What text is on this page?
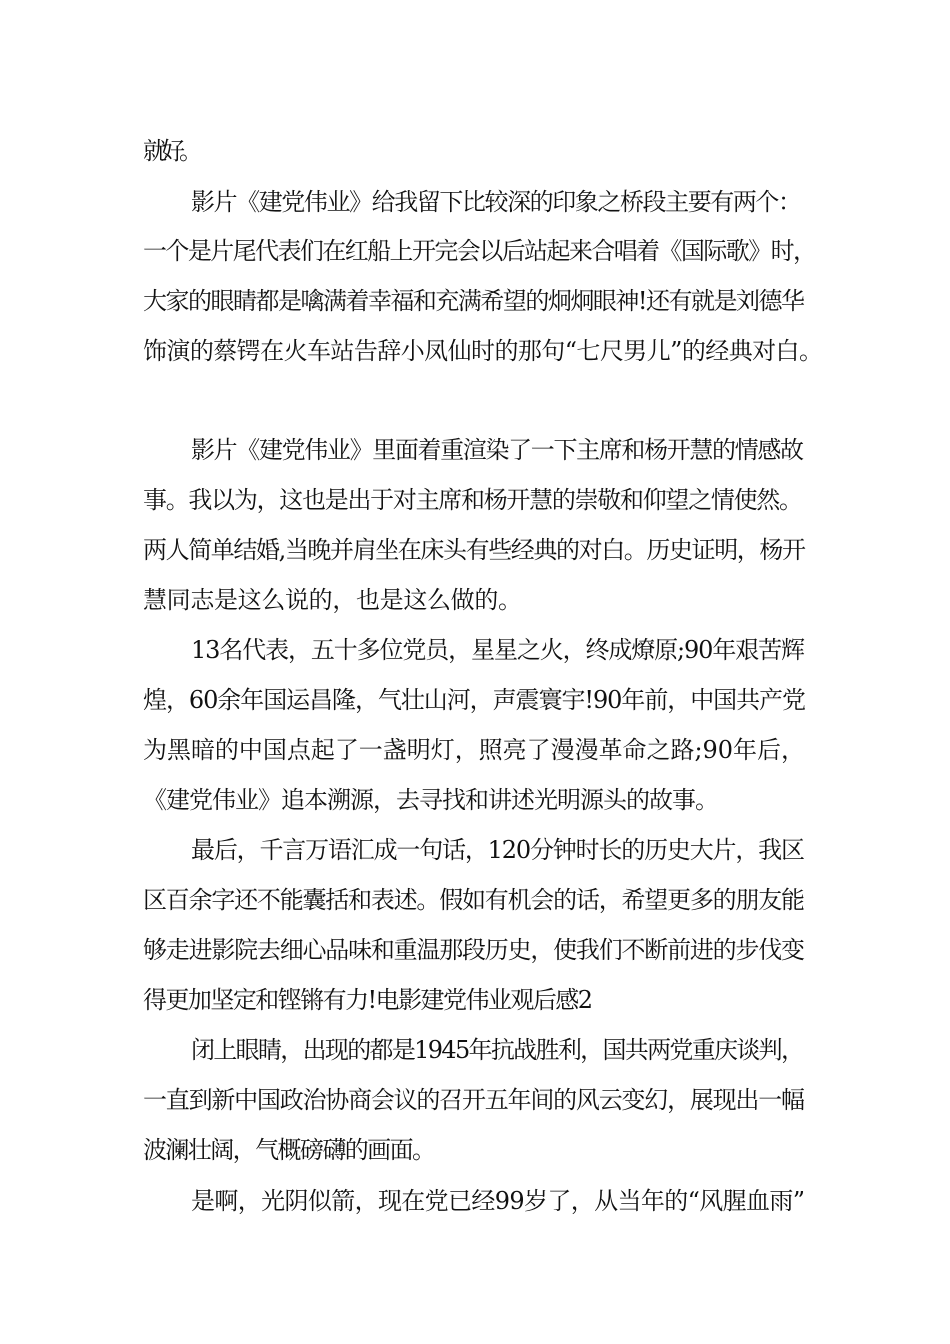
就好。
影片《建党伟业》给我留下比较深的印象之桥段主要有两个：
一个是片尾代表们在红船上开完会以后站起来合唱着《国际歌》时，
大家的眼睛都是噙满着幸福和充满希望的炯炯眼神!还有就是刘德华
饰演的蔡锷在火车站告辞小凤仙时的那句“七尺男儿”的经典对白。
影片《建党伟业》里面着重渲染了一下主席和杨开慧的情感故
事。我以为，这也是出于对主席和杨开慧的崇敬和仰望之情使然。
两人简单结婚,当晚并肩坐在床头有些经典的对白。历史证明，杨开
慧同志是这么说的，也是这么做的。
13名代表，五十多位党员，星星之火，终成燎原;90年艰苦辉
煌，60余年国运昌隆，气壮山河，声震寰宇!90年前，中国共产党
为黑暗的中国点起了一盏明灯，照亮了漫漫革命之路;90年后，
《建党伟业》追本溯源，去寻找和讲述光明源头的故事。
最后，千言万语汇成一句话，120分钟时长的历史大片，我区
区百余字还不能囊括和表述。假如有机会的话，希望更多的朋友能
够走进影院去细心品味和重温那段历史，使我们不断前进的步伐变
得更加坚定和铿锵有力!电影建党伟业观后感2
闭上眼睛，出现的都是1945年抗战胜利，国共两党重庆谈判，
一直到新中国政治协商会议的召开五年间的风云变幻，展现出一幅
波澜壮阔，气概磅礴的画面。
是啊，光阴似箭，现在党已经99岁了，从当年的“风腥血雨”
